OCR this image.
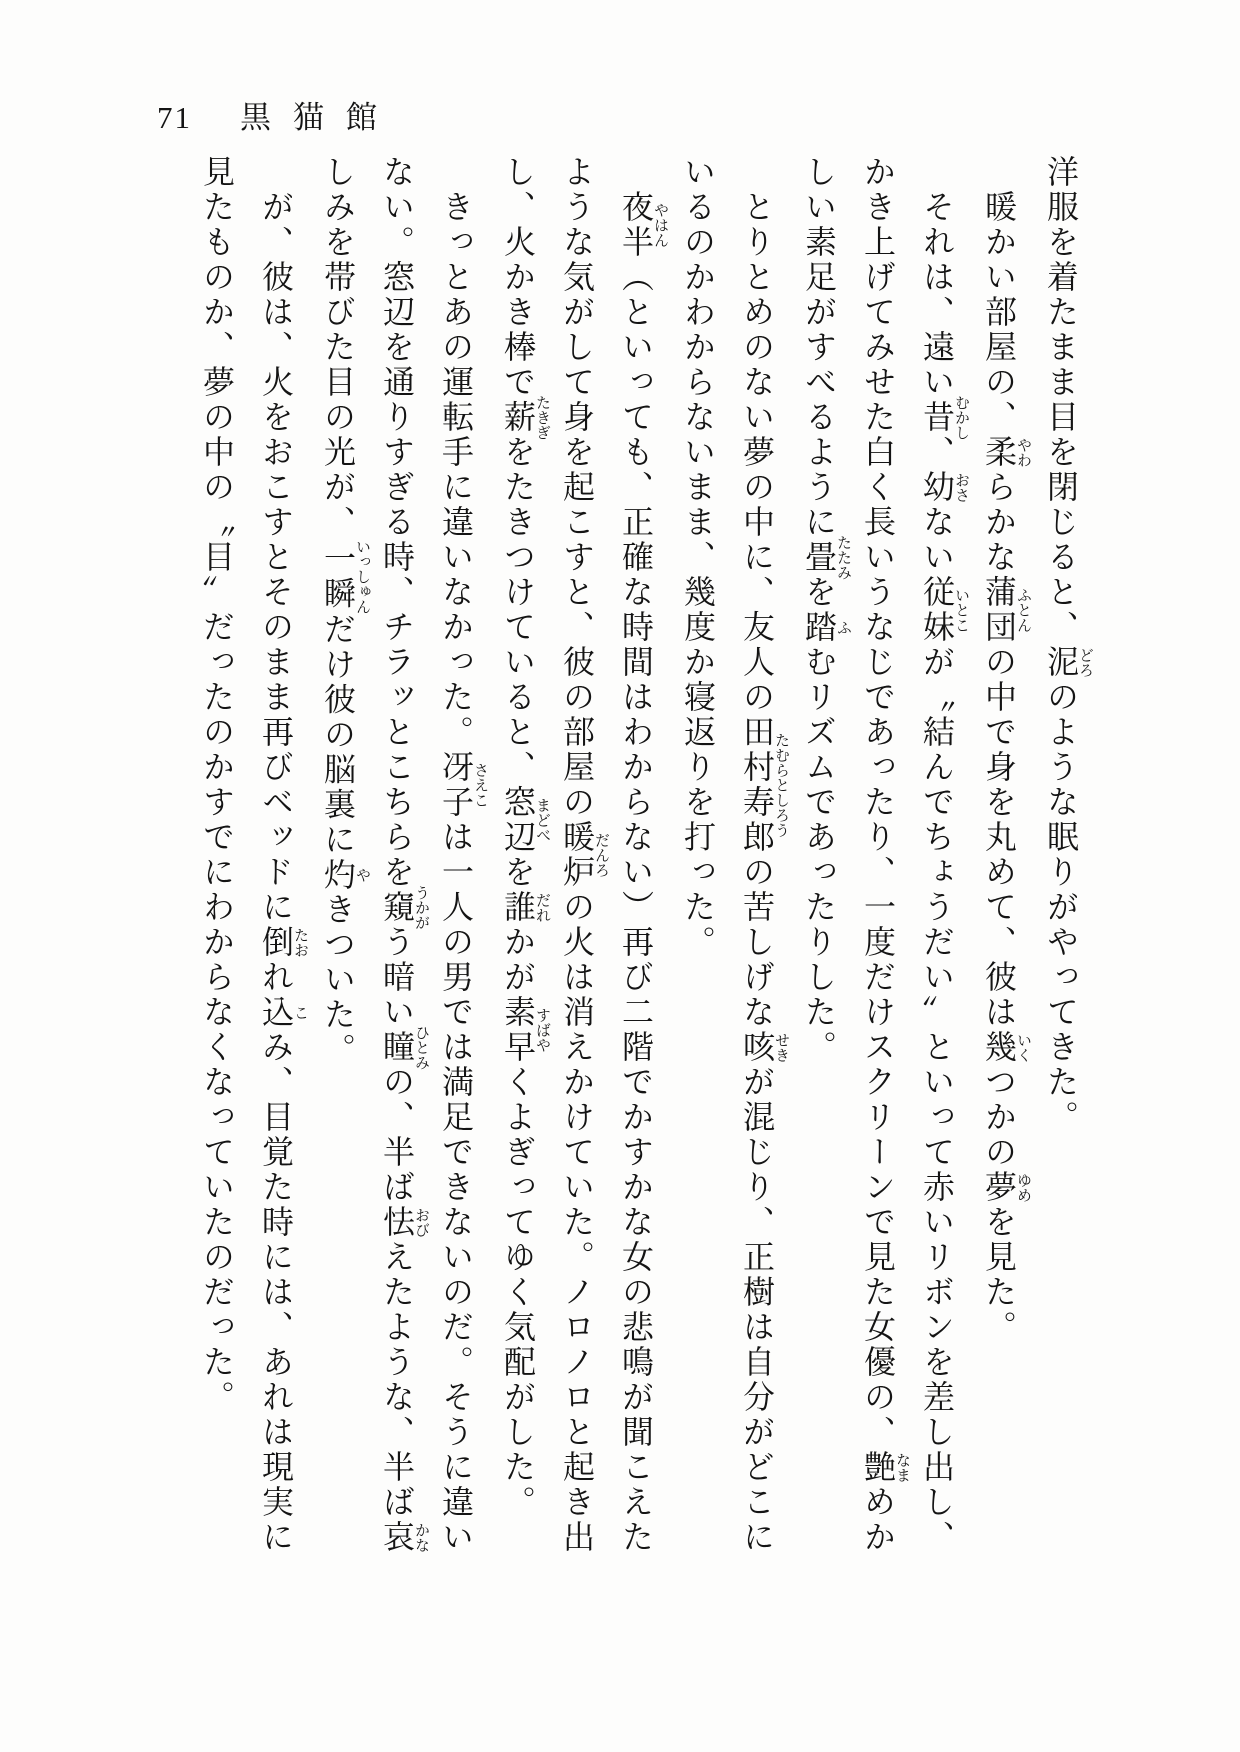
71 黒猫館

洋服を着たまま目を閉じると、泥どろのような眠りがやってきた。

暖かい部屋の、柔やわらかな蒲団ふとんの中で身を丸めて、彼は幾いくつかの夢ゆめを見た。

それは、遠い昔むかし、幼おさない従妹いとこが〝結んでちょうだい〟といって赤いリボンを差し出し、かき上げてみせた白く長いうなじであったり、一度だけスクリーンで見た女優の、艶なまめかしい素足がすべるように畳たたみを踏ふむリズムであったりした。

とりとめのない夢の中に、友人の田村寿郎たむらとしろうの苦しげな咳せきが混じり、正樹は自分がどこにいるのかわからないまま、幾度か寝返りを打った。

夜半やはん（といっても、正確な時間はわからない）再び二階でかすかな女の悲鳴が聞こえたような気がして身を起こすと、彼の部屋の暖炉だんろの火は消えかけていた。ノロノロと起き出し、火かき棒で薪たきぎをたきつけていると、窓辺まどべを誰だれかが素早すばやくよぎってゆく気配がした。

きっとあの運転手に違いなかった。冴子さえこは一人の男では満足できないのだ。そうに違いない。窓辺を通りすぎる時、チラッとこちらを窺うかがう暗い瞳ひとみの、半ば怯おびえたような、半ば哀かなしみを帯びた目の光が、一瞬いっしゅんだけ彼の脳裏に灼やきついた。

が、彼は、火をおこすとそのまま再びベッドに倒たおれ込こみ、目覚た時には、あれは現実に見たものか、夢の中の〝目〟だったのかすでにわからなくなっていたのだった。
